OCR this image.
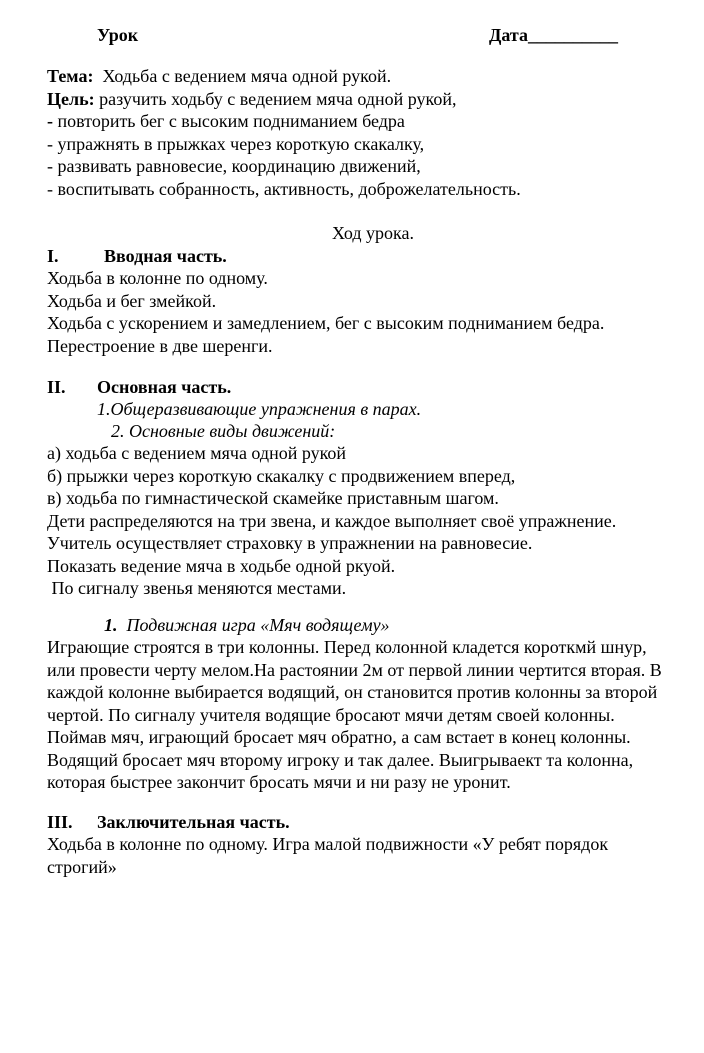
Урок	Дата__________
Тема: Ходьба с ведением мяча одной рукой.
Цель: разучить ходьбу с ведением мяча одной рукой,
- повторить бег с высоким подниманием бедра
- упражнять в прыжках через короткую скакалку,
- развивать равновесие, координацию движений,
- воспитывать собранность, активность, доброжелательность.
Ход урока.
I.	Вводная часть.
Ходьба в колонне по одному.
Ходьба и бег змейкой.
Ходьба с ускорением и замедлением, бег с высоким подниманием бедра.
Перестроение в две шеренги.
II. Основная часть.
1.Общеразвивающие упражнения в парах.
2. Основные виды движений:
а) ходьба с ведением мяча одной рукой
б) прыжки через короткую скакалку с продвижением вперед,
в) ходьба по гимнастической скамейке приставным шагом.
Дети распределяются на три звена, и каждое выполняет своё упражнение.
Учитель осуществляет страховку в упражнении на равновесие.
Показать ведение мяча в ходьбе одной ркуой.
По сигналу звенья меняются местами.
1. Подвижная игра «Мяч водящему»
Играющие строятся в три колонны. Перед колонной кладется короткмй шнур,
или провести черту мелом.На растоянии 2м от первой линии чертится вторая. В
каждой колонне выбирается водящий, он становится против колонны за второй
чертой. По сигналу учителя водящие бросают мячи детям своей колонны.
Поймав мяч, играющий бросает мяч обратно, а сам встает в конец колонны.
Водящий бросает мяч второму игроку и так далее. Выигрываект та колонна,
которая быстрее закончит бросать мячи и ни разу не уронит.
III. Заключительная часть.
Ходьба в колонне по одному. Игра малой подвижности «У ребят порядок
строгий»
